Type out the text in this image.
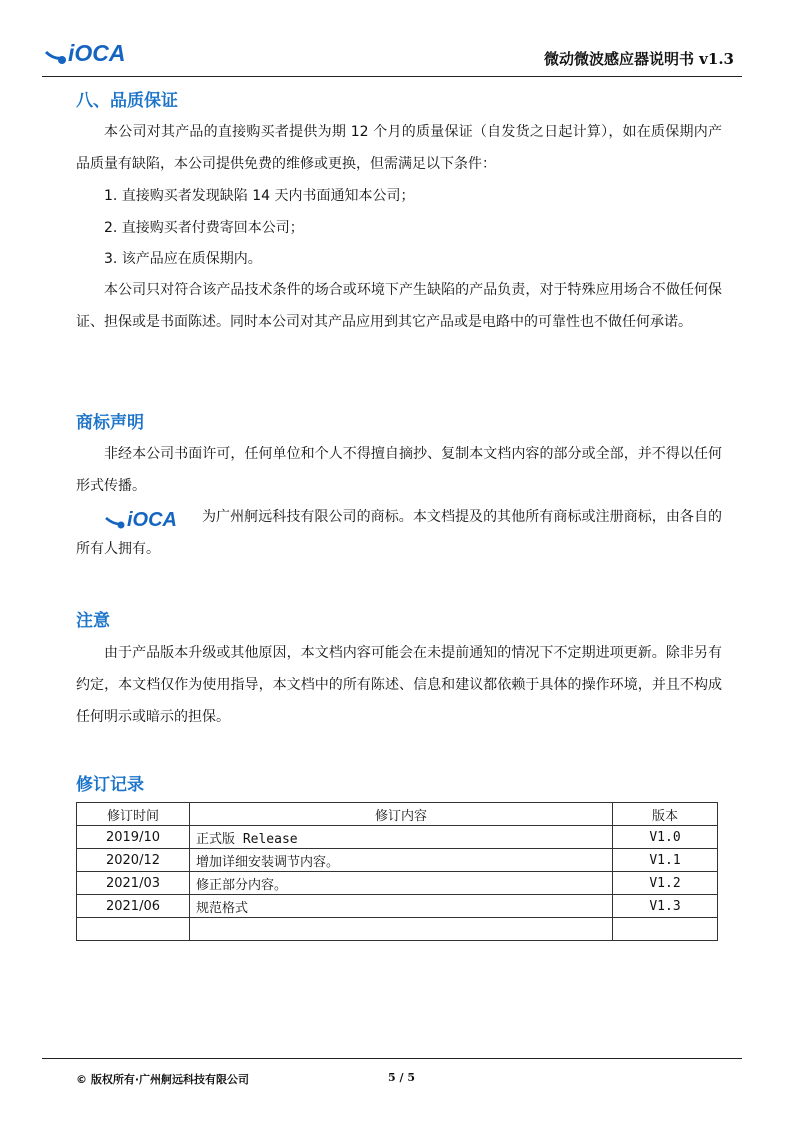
iOCA	微动微波感应器说明书 v1.3
八、品质保证

本公司对其产品的直接购买者提供为期 12 个月的质量保证（自发货之日起计算），如在质保期内产品质量有缺陷，本公司提供免费的维修或更换，但需满足以下条件：

1. 直接购买者发现缺陷 14 天内书面通知本公司；

2. 直接购买者付费寄回本公司；

3. 该产品应在质保期内。

本公司只对符合该产品技术条件的场合或环境下产生缺陷的产品负责，对于特殊应用场合不做任何保证、担保或是书面陈述。同时本公司对其产品应用到其它产品或是电路中的可靠性也不做任何承诺。

商标声明

非经本公司书面许可，任何单位和个人不得擅自摘抄、复制本文档内容的部分或全部，并不得以任何形式传播。

为广州舸远科技有限公司的商标。本文档提及的其他所有商标或注册商标，由各自的所有人拥有。

iOCA
注意

由于产品版本升级或其他原因，本文档内容可能会在未提前通知的情况下不定期进项更新。除非另有约定，本文档仅作为使用指导，本文档中的所有陈述、信息和建议都依赖于具体的操作环境，并且不构成任何明示或暗示的担保。

修订记录
修订时间	修订内容	版本
2019/10	正式版 Release	V1.0
2020/12	增加详细安装调节内容。	V1.1
2021/03	修正部分内容。	V1.2
2021/06	规范格式	V1.3

© 版权所有·广州舸远科技有限公司	5 / 5
